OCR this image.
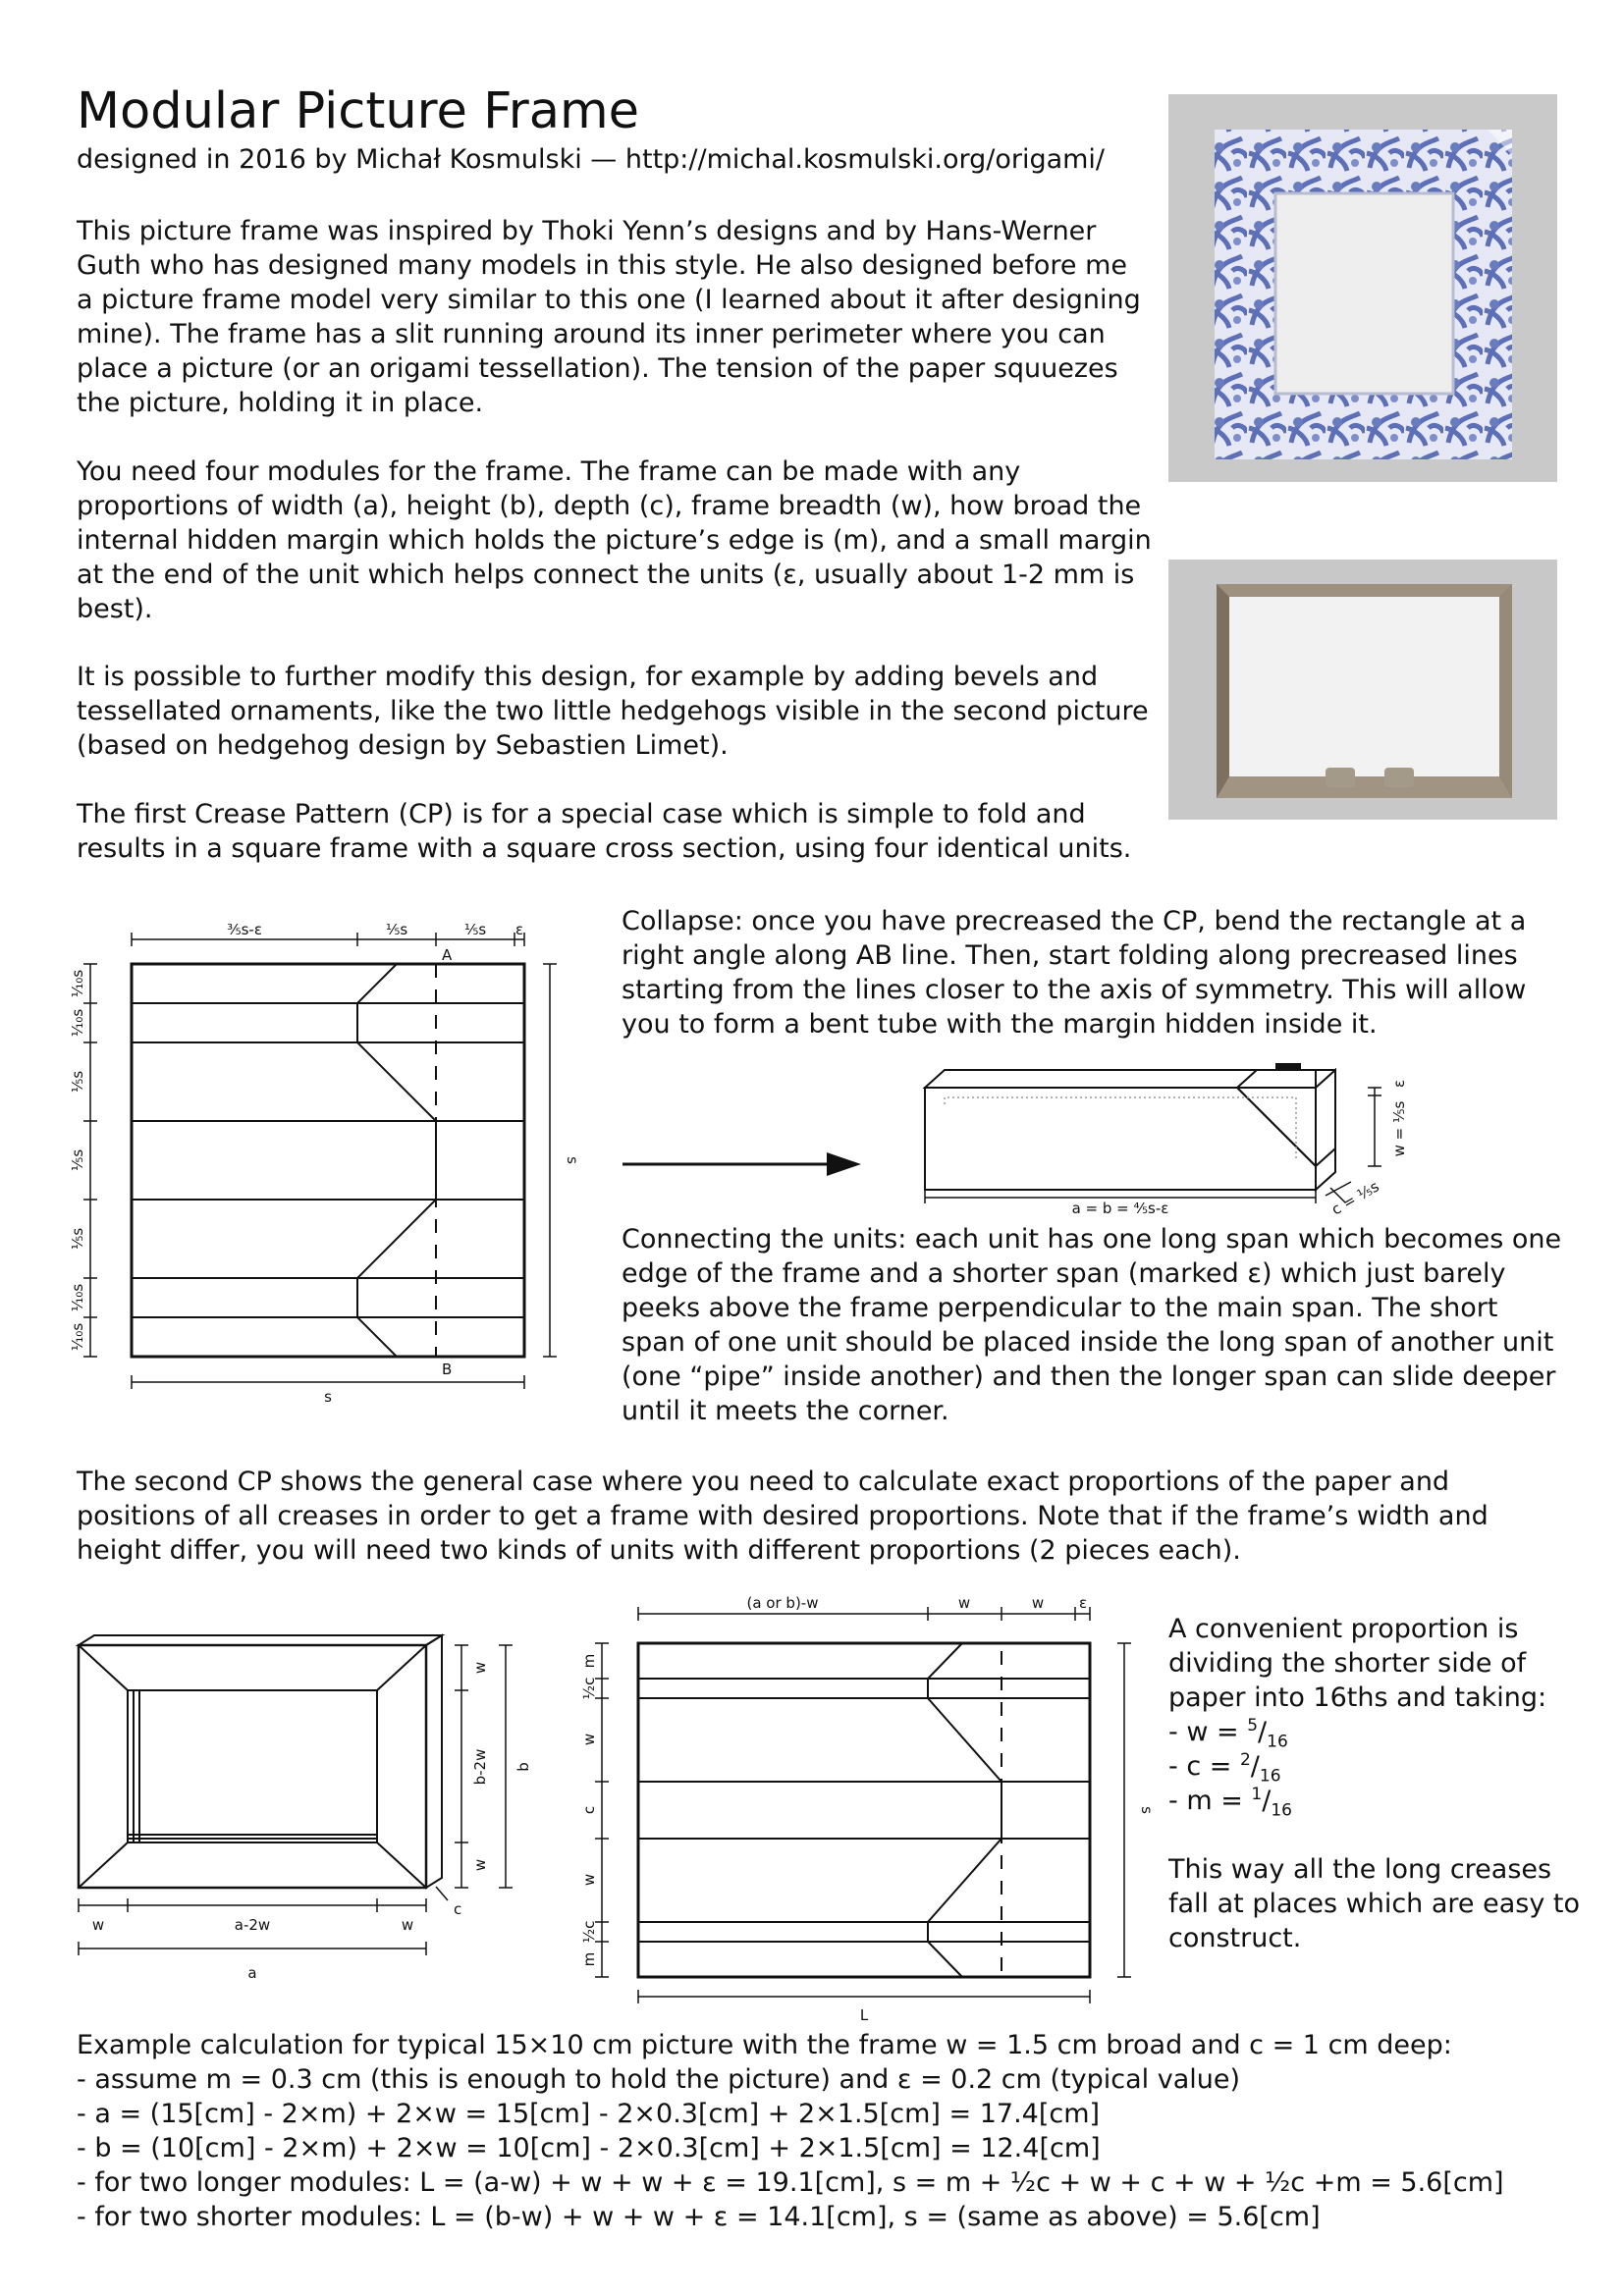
Modular Picture Frame
designed in 2016 by Michał Kosmulski — http://michal.kosmulski.org/origami/

This picture frame was inspired by Thoki Yenn’s designs and by Hans-Werner Guth who has designed many models in this style. He also designed before me a picture frame model very similar to this one (I learned about it after designing mine). The frame has a slit running around its inner perimeter where you can place a picture (or an origami tessellation). The tension of the paper squuezes the picture, holding it in place.

You need four modules for the frame. The frame can be made with any proportions of width (a), height (b), depth (c), frame breadth (w), how broad the internal hidden margin which holds the picture’s edge is (m), and a small margin at the end of the unit which helps connect the units (ε, usually about 1-2 mm is best).

It is possible to further modify this design, for example by adding bevels and tessellated ornaments, like the two little hedgehogs visible in the second picture (based on hedgehog design by Sebastien Limet).

The first Crease Pattern (CP) is for a special case which is simple to fold and results in a square frame with a square cross section, using four identical units.

⅗s-ε	⅕s	⅕s ε
A
B
s
s
⅒s
⅒s
⅕s
⅕s
⅕s
⅒s
⅒s

Collapse: once you have precreased the CP, bend the rectangle at a right angle along AB line. Then, start folding along precreased lines starting from the lines closer to the axis of symmetry. This will allow you to form a bent tube with the margin hidden inside it.

a = b = ⅘s-ε
w = ⅕s
ε
c = ⅕s

Connecting the units: each unit has one long span which becomes one edge of the frame and a shorter span (marked ε) which just barely peeks above the frame perpendicular to the main span. The short span of one unit should be placed inside the long span of another unit (one “pipe” inside another) and then the longer span can slide deeper until it meets the corner.

The second CP shows the general case where you need to calculate exact proportions of the paper and positions of all creases in order to get a frame with desired proportions. Note that if the frame’s width and height differ, you will need two kinds of units with different proportions (2 pieces each).

w	a-2w	w
a
w
b-2w
w
b
c
(a or b)-w	w	w ε
L
s
m
½c
w
c
w
½c
m
A convenient proportion is dividing the shorter side of paper into 16ths and taking:
- $w = ^5/_{16}$
- $c = ^2/_{16}$
- $m = ^1/_{16}$
This way all the long creases fall at places which are easy to construct.
Example calculation for typical 15×10 cm picture with the frame w = 1.5 cm broad and c = 1 cm deep:
- assume m = 0.3 cm (this is enough to hold the picture) and ε = 0.2 cm (typical value)
- a = (15[cm] - 2×m) + 2×w = 15[cm] - 2×0.3[cm] + 2×1.5[cm] = 17.4[cm]
- b = (10[cm] - 2×m) + 2×w = 10[cm] - 2×0.3[cm] + 2×1.5[cm] = 12.4[cm]
- for two longer modules: L = (a-w) + w + w + ε = 19.1[cm], s = m + ½c + w + c + w + ½c +m = 5.6[cm]
- for two shorter modules: L = (b-w) + w + w + ε = 14.1[cm], s = (same as above) = 5.6[cm]
